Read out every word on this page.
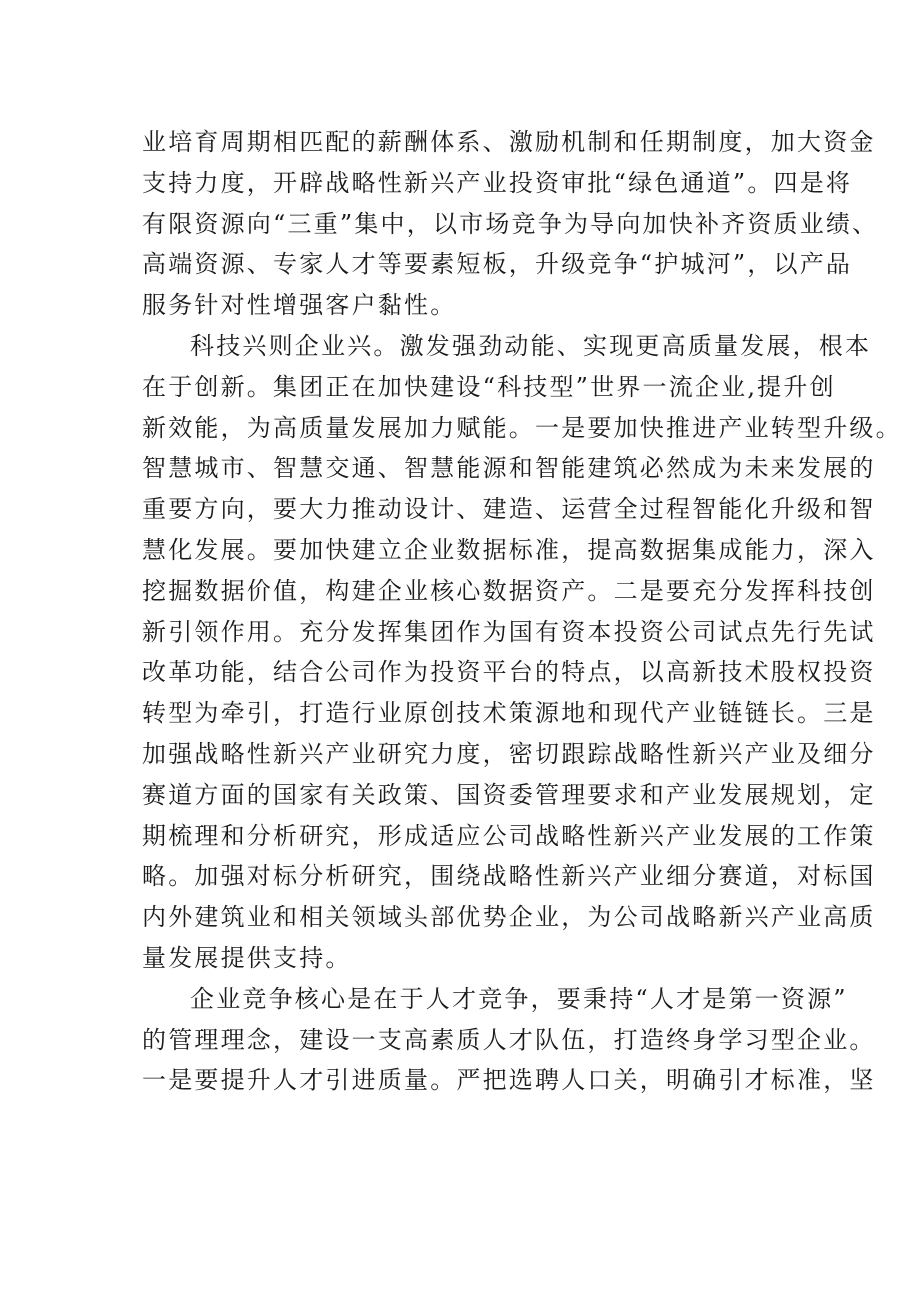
业培育周期相匹配的薪酬体系、激励机制和任期制度，加大资金
支持力度，开辟战略性新兴产业投资审批“绿色通道”。四是将
有限资源向“三重”集中，以市场竞争为导向加快补齐资质业绩、
高端资源、专家人才等要素短板，升级竞争“护城河”，以产品
服务针对性增强客户黏性。
科技兴则企业兴。激发强劲动能、实现更高质量发展，根本
在于创新。集团正在加快建设“科技型”世界一流企业,提升创
新效能，为高质量发展加力赋能。一是要加快推进产业转型升级。
智慧城市、智慧交通、智慧能源和智能建筑必然成为未来发展的
重要方向，要大力推动设计、建造、运营全过程智能化升级和智
慧化发展。要加快建立企业数据标准，提高数据集成能力，深入
挖掘数据价值，构建企业核心数据资产。二是要充分发挥科技创
新引领作用。充分发挥集团作为国有资本投资公司试点先行先试
改革功能，结合公司作为投资平台的特点，以高新技术股权投资
转型为牵引，打造行业原创技术策源地和现代产业链链长。三是
加强战略性新兴产业研究力度，密切跟踪战略性新兴产业及细分
赛道方面的国家有关政策、国资委管理要求和产业发展规划，定
期梳理和分析研究，形成适应公司战略性新兴产业发展的工作策
略。加强对标分析研究，围绕战略性新兴产业细分赛道，对标国
内外建筑业和相关领域头部优势企业，为公司战略新兴产业高质
量发展提供支持。
企业竞争核心是在于人才竞争，要秉持“人才是第一资源”
的管理理念，建设一支高素质人才队伍，打造终身学习型企业。
一是要提升人才引进质量。严把选聘人口关，明确引才标准，坚
